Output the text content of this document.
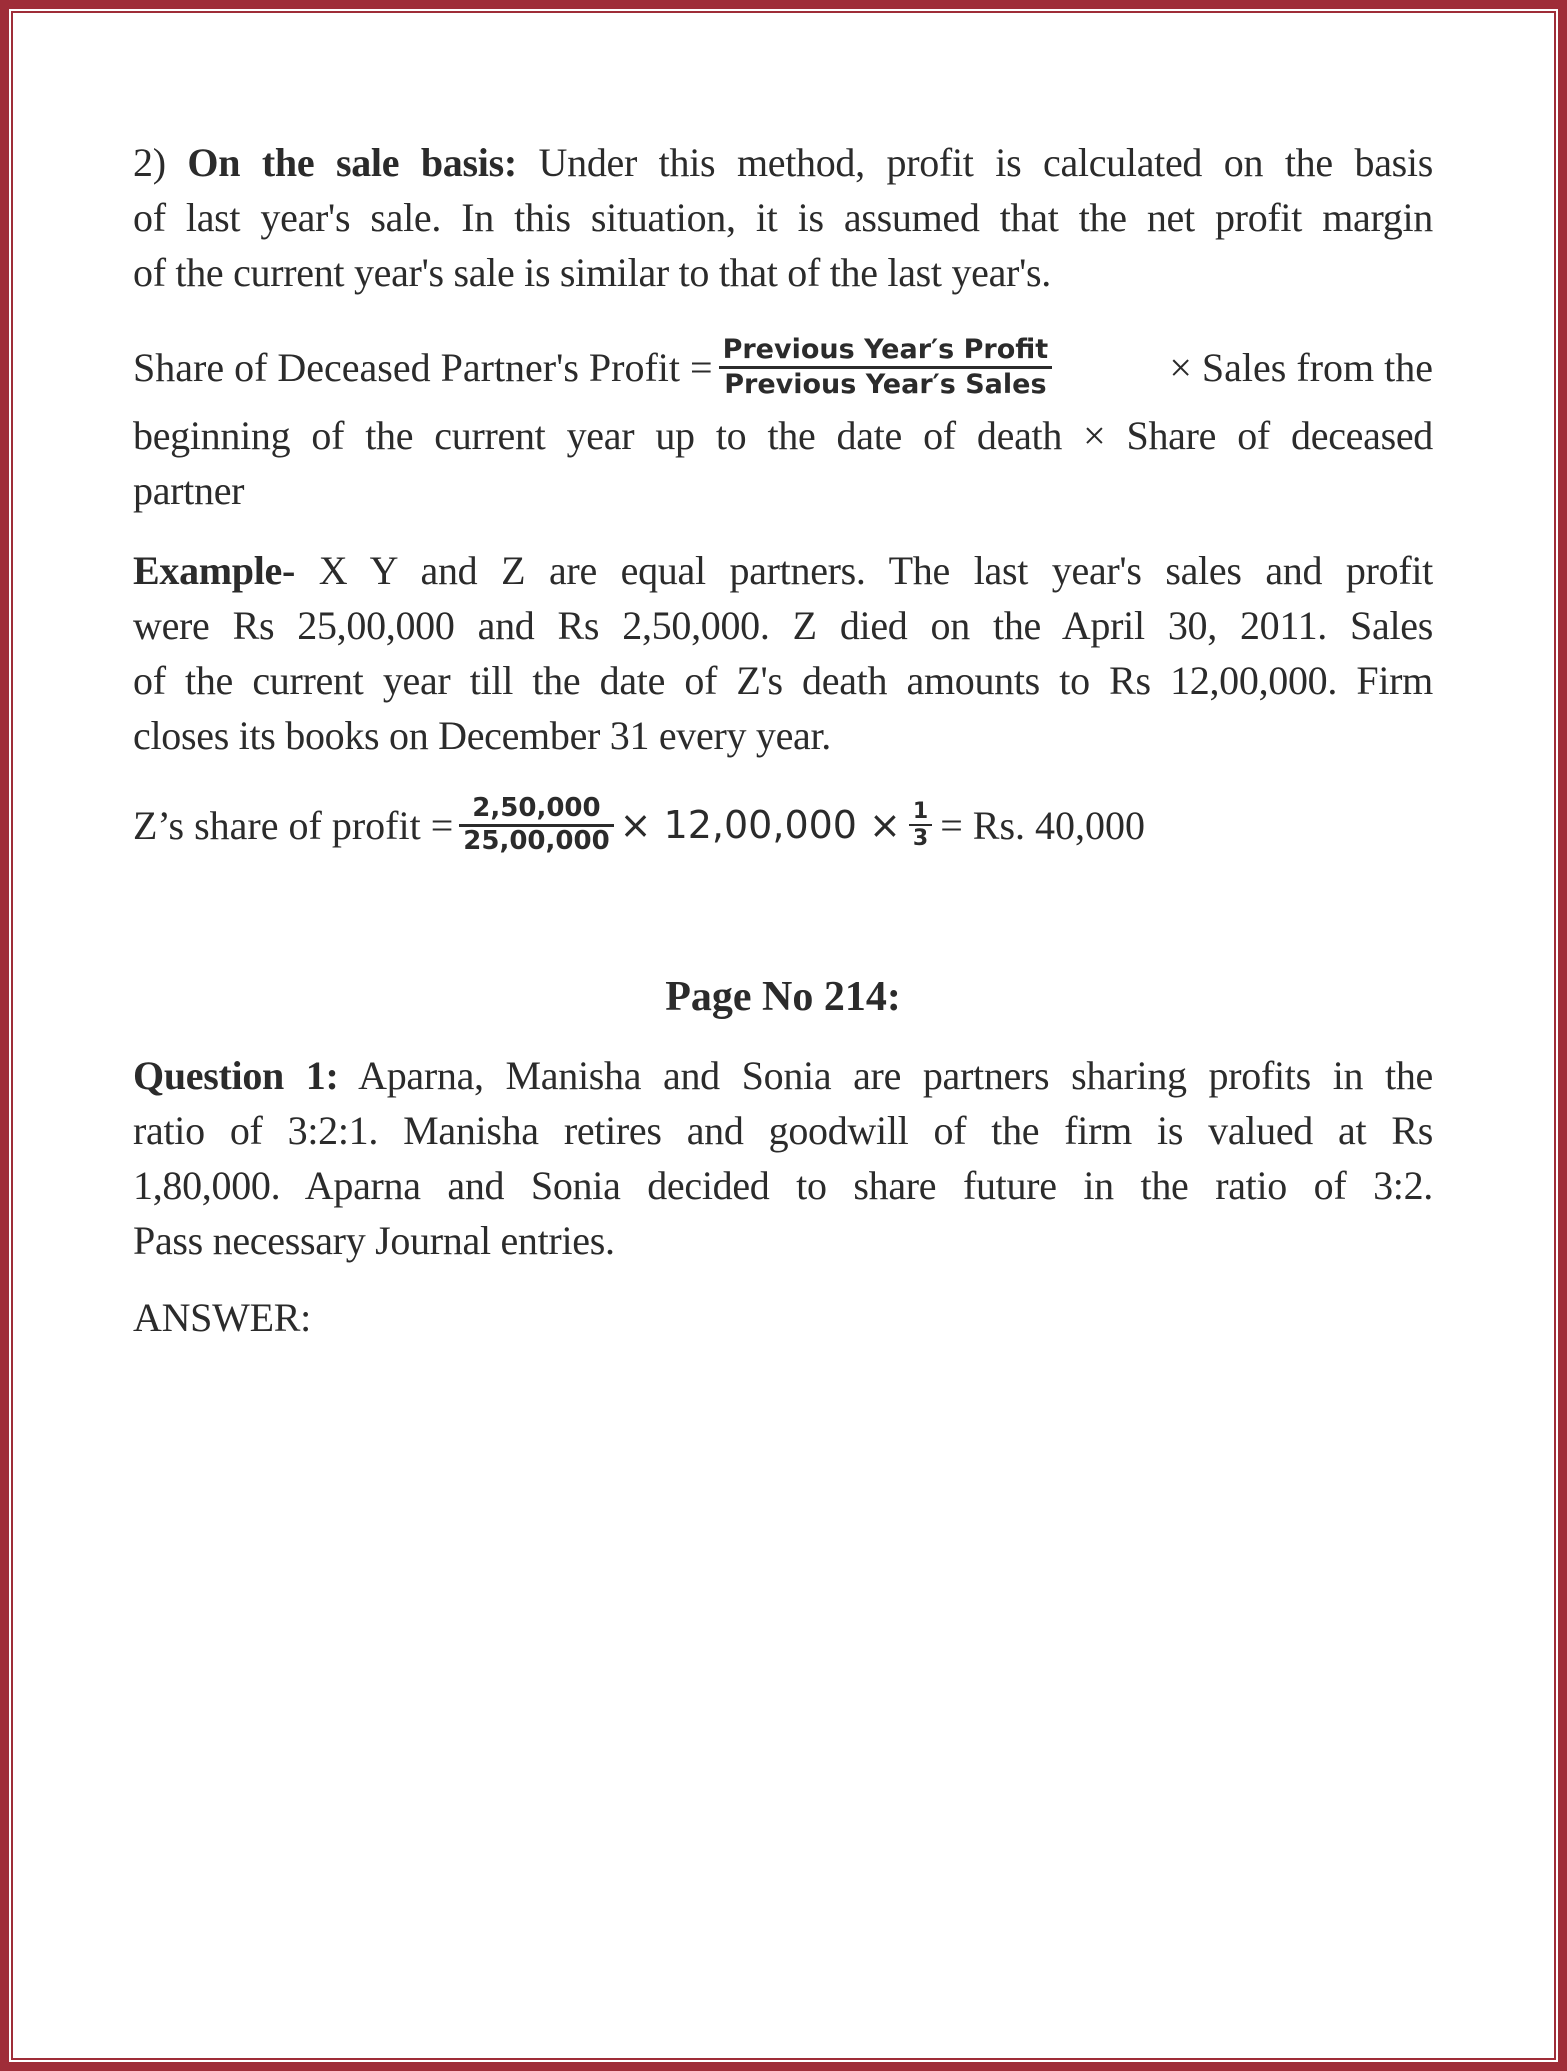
2) On the sale basis: Under this method, profit is calculated on the basis
of last year's sale. In this situation, it is assumed that the net profit margin
of the current year's sale is similar to that of the last year's.
Share of Deceased Partner's Profit = $\frac{\text{Previous Year′s Profit}}{\text{Previous Year′s Sales}}$	× Sales from the
beginning of the current year up to the date of death × Share of deceased
partner
Example- X Y and Z are equal partners. The last year's sales and profit
were Rs 25,00,000 and Rs 2,50,000. Z died on the April 30, 2011. Sales
of the current year till the date of Z's death amounts to Rs 12,00,000. Firm
closes its books on December 31 every year.
Z’s share of profit = $\frac{2,50,000}{25,00,000} \times 12,00,000 \times \frac{1}{3} = Rs$. 40,000
Page No 214:
Question 1: Aparna, Manisha and Sonia are partners sharing profits in the
ratio of 3:2:1. Manisha retires and goodwill of the firm is valued at Rs
1,80,000. Aparna and Sonia decided to share future in the ratio of 3:2.
Pass necessary Journal entries.
ANSWER:
